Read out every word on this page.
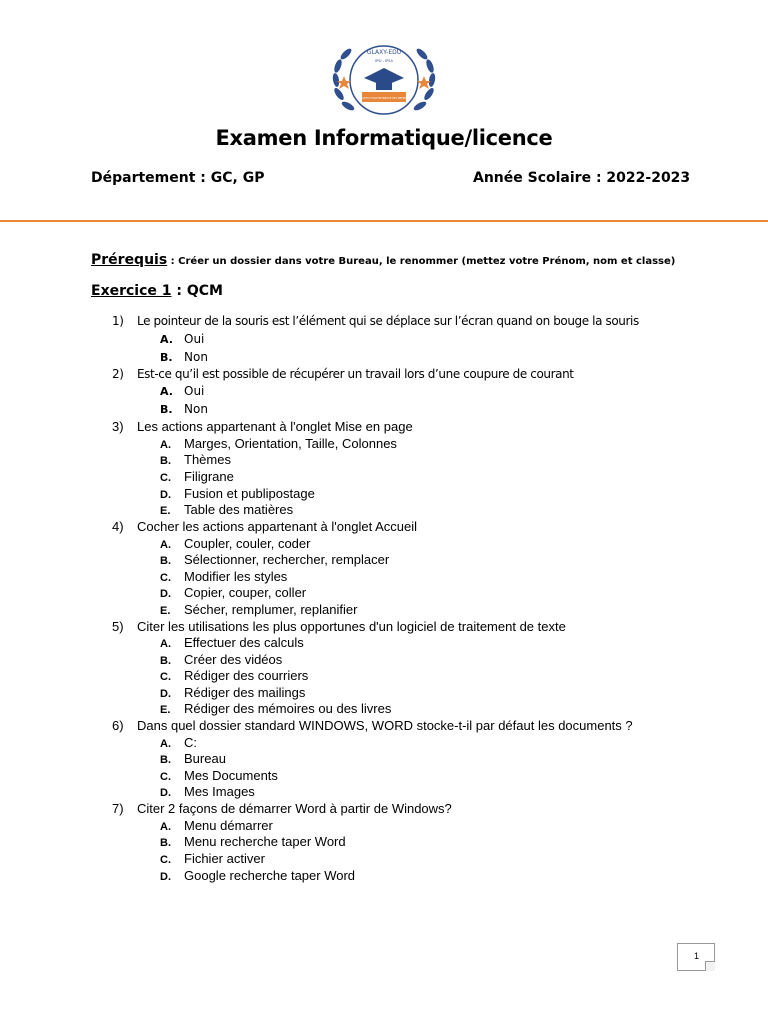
GLAXY-EDU
IPSI - IPSA
INSTITUT POLYTECHNIQUE DES METIERS
Examen Informatique/licence
Département : GC, GP	Année Scolaire : 2022-2023
Prérequis : Créer un dossier dans votre Bureau, le renommer (mettez votre Prénom, nom et classe)
Exercice 1 : QCM
1) Le pointeur de la souris est l’élément qui se déplace sur l’écran quand on bouge la souris
A. Oui
B. Non
2) Est-ce qu’il est possible de récupérer un travail lors d’une coupure de courant
A. Oui
B. Non
3) Les actions appartenant à l'onglet Mise en page
A. Marges, Orientation, Taille, Colonnes
B. Thèmes
C. Filigrane
D. Fusion et publipostage
E. Table des matières
4) Cocher les actions appartenant à l'onglet Accueil
A. Coupler, couler, coder
B. Sélectionner, rechercher, remplacer
C. Modifier les styles
D. Copier, couper, coller
E. Sécher, remplumer, replanifier
5) Citer les utilisations les plus opportunes d'un logiciel de traitement de texte
A. Effectuer des calculs
B. Créer des vidéos
C. Rédiger des courriers
D. Rédiger des mailings
E. Rédiger des mémoires ou des livres
6) Dans quel dossier standard WINDOWS, WORD stocke-t-il par défaut les documents ?
A. C:
B. Bureau
C. Mes Documents
D. Mes Images
7) Citer 2 façons de démarrer Word à partir de Windows?
A. Menu démarrer
B. Menu recherche taper Word
C. Fichier activer
D. Google recherche taper Word
1
